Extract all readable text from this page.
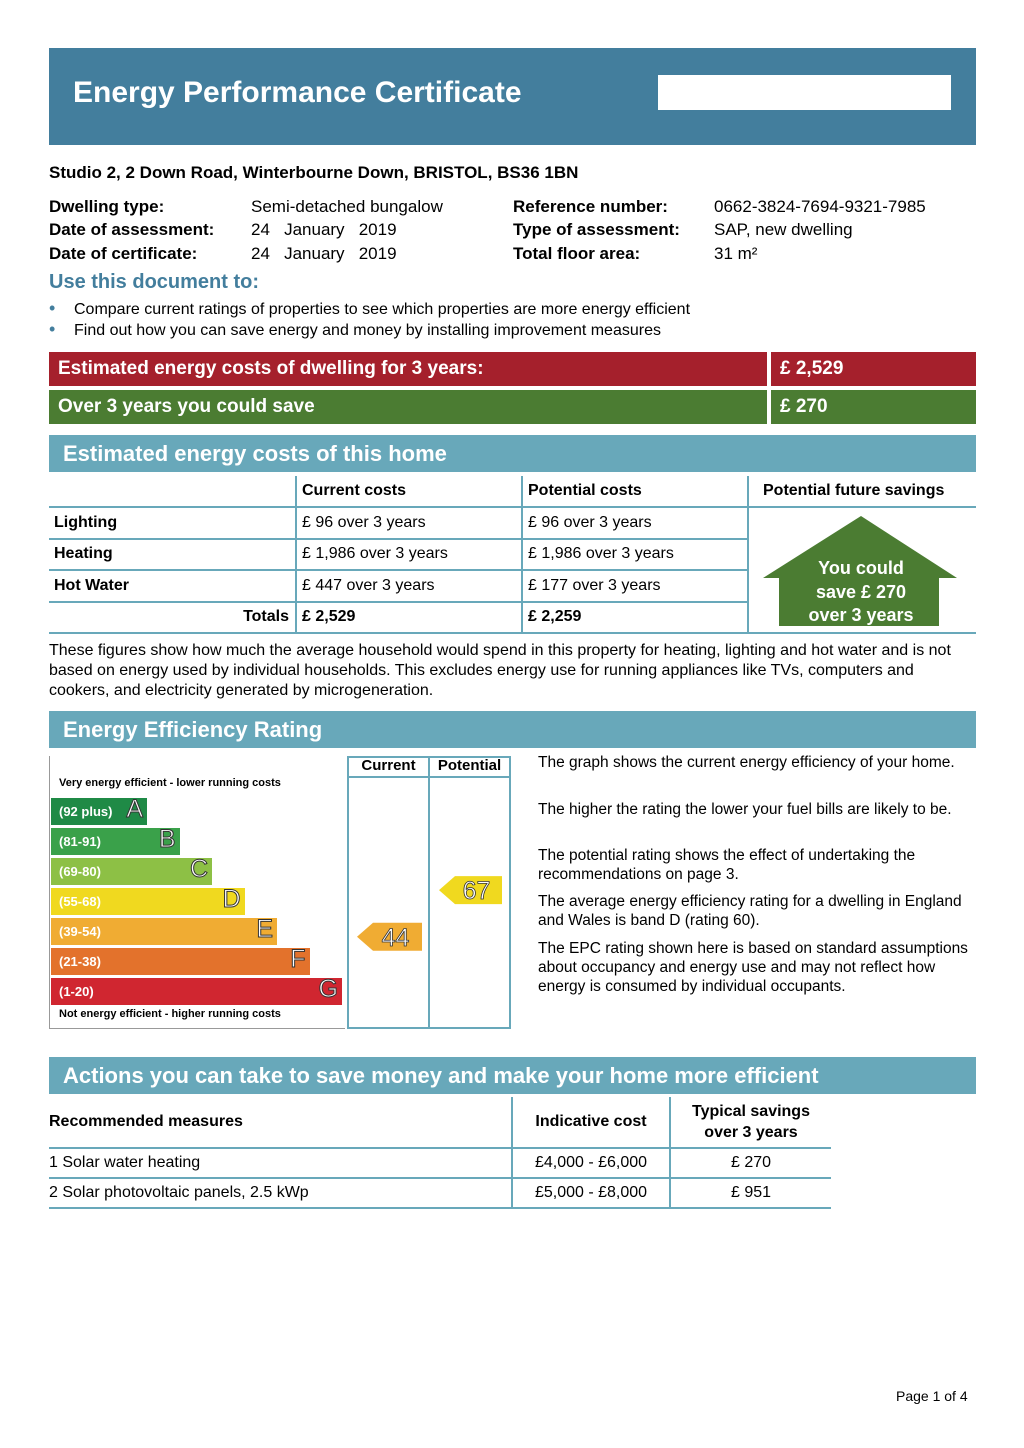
Energy Performance Certificate
Studio 2, 2 Down Road, Winterbourne Down, BRISTOL, BS36 1BN
Dwelling type:	Semi-detached bungalow
Date of assessment: 24   January   2019
Date of certificate:	24   January   2019
Reference number:	0662-3824-7694-9321-7985
Type of assessment: SAP, new dwelling
Total floor area:	31 m²
Use this document to:
• Compare current ratings of properties to see which properties are more energy efficient
• Find out how you can save energy and money by installing improvement measures
Estimated energy costs of dwelling for 3 years:	£ 2,529
Over 3 years you could save	£ 270
Estimated energy costs of this home
	Current costs	Potential costs	Potential future savings
Lighting	£ 96 over 3 years	£ 96 over 3 years	You could
save £ 270
over 3 years

Heating	£ 1,986 over 3 years	£ 1,986 over 3 years	
Hot Water	£ 447 over 3 years	£ 177 over 3 years	
Totals	£ 2,529	£ 2,259	
These figures show how much the average household would spend in this property for heating, lighting and hot water and is not based on energy used by individual households. This excludes energy use for running appliances like TVs, computers and cookers, and electricity generated by microgeneration.
Energy Efficiency Rating
Current	Potential
Very energy efficient - lower running costs
Not energy efficient - higher running costs
(92 plus) A
(81-91) B
(69-80)	C
(55-68)	D
(39-54)	E
(21-38)	F
(1-20)	G
44
67
The graph shows the current energy efficiency of your home.
The higher the rating the lower your fuel bills are likely to be.
The potential rating shows the effect of undertaking the recommendations on page 3.
The average energy efficiency rating for a dwelling in England and Wales is band D (rating 60).
The EPC rating shown here is based on standard assumptions about occupancy and energy use and may not reflect how energy is consumed by individual occupants.
Actions you can take to save money and make your home more efficient
Recommended measures	Indicative cost	Typical savings
over 3 years

1 Solar water heating	£4,000 - £6,000	£ 270
2 Solar photovoltaic panels, 2.5 kWp	£5,000 - £8,000	£ 951
Page 1 of 4
